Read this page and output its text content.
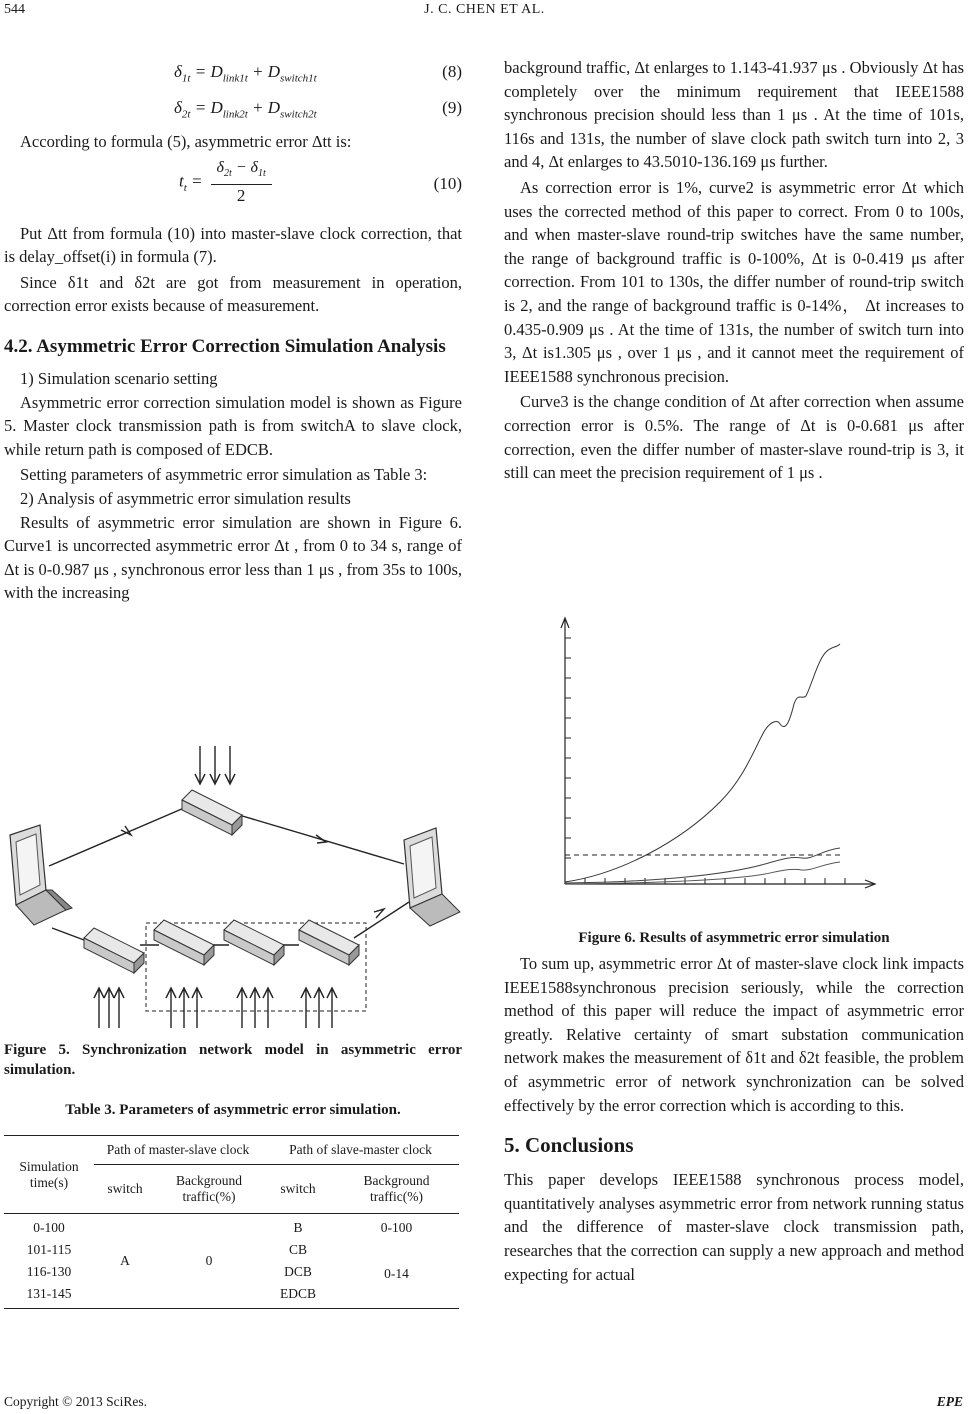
544	J. C. CHEN ET AL.
$\delta_{1t} = D_{link1t} + D_{switch1t}$	(8)
$\delta_{2t} = D_{link2t} + D_{switch2t}$	(9)

According to formula (5), asymmetric error Δtt is:

$t_t = \frac{\delta_{2t} - \delta_{1t}}{2}$	(10)

Put Δtt from formula (10) into master-slave clock correction, that is delay_offset(i) in formula (7).

Since δ1t and δ2t are got from measurement in operation, correction error exists because of measurement.

4.2. Asymmetric Error Correction Simulation Analysis

1) Simulation scenario setting

Asymmetric error correction simulation model is shown as Figure 5. Master clock transmission path is from switchA to slave clock, while return path is composed of EDCB.

Setting parameters of asymmetric error simulation as Table 3:

2) Analysis of asymmetric error simulation results

Results of asymmetric error simulation are shown in Figure 6. Curve1 is uncorrected asymmetric error Δt , from 0 to 34 s, range of Δt is 0-0.987 μs , synchronous error less than 1 μs , from 35s to 100s, with the increasing

Figure 5. Synchronization network model in asymmetric error simulation.
Table 3. Parameters of asymmetric error simulation.
Simulation time(s)	Path of master-slave clock		Path of slave-master clock	
	switch	Background traffic(%)	switch	Background traffic(%)
0-100	A	0	B	0-100
101-115			CB	0-14
116-130			DCB	
131-145			EDCB	

background traffic, Δt enlarges to 1.143-41.937 μs . Obviously Δt has completely over the minimum requirement that IEEE1588 synchronous precision should less than 1 μs . At the time of 101s, 116s and 131s, the number of slave clock path switch turn into 2, 3 and 4, Δt enlarges to 43.5010-136.169 μs further.

As correction error is 1%, curve2 is asymmetric error Δt which uses the corrected method of this paper to correct. From 0 to 100s, and when master-slave round-trip switches have the same number, the range of background traffic is 0-100%, Δt is 0-0.419 μs after correction. From 101 to 130s, the differ number of round-trip switch is 2, and the range of background traffic is 0-14%， Δt increases to 0.435-0.909 μs . At the time of 131s, the number of switch turn into 3, Δt is1.305 μs , over 1 μs , and it cannot meet the requirement of IEEE1588 synchronous precision.

Curve3 is the change condition of Δt after correction when assume correction error is 0.5%. The range of Δt is 0-0.681 μs after correction, even the differ number of master-slave round-trip is 3, it still can meet the precision requirement of 1 μs .

Figure 6. Results of asymmetric error simulation

To sum up, asymmetric error Δt of master-slave clock link impacts IEEE1588synchronous precision seriously, while the correction method of this paper will reduce the impact of asymmetric error greatly. Relative certainty of smart substation communication network makes the measurement of δ1t and δ2t feasible, the problem of asymmetric error of network synchronization can be solved effectively by the error correction which is according to this.

5. Conclusions

This paper develops IEEE1588 synchronous process model, quantitatively analyses asymmetric error from network running status and the difference of master-slave clock transmission path, researches that the correction can supply a new approach and method expecting for actual

Copyright © 2013 SciRes.	EPE
